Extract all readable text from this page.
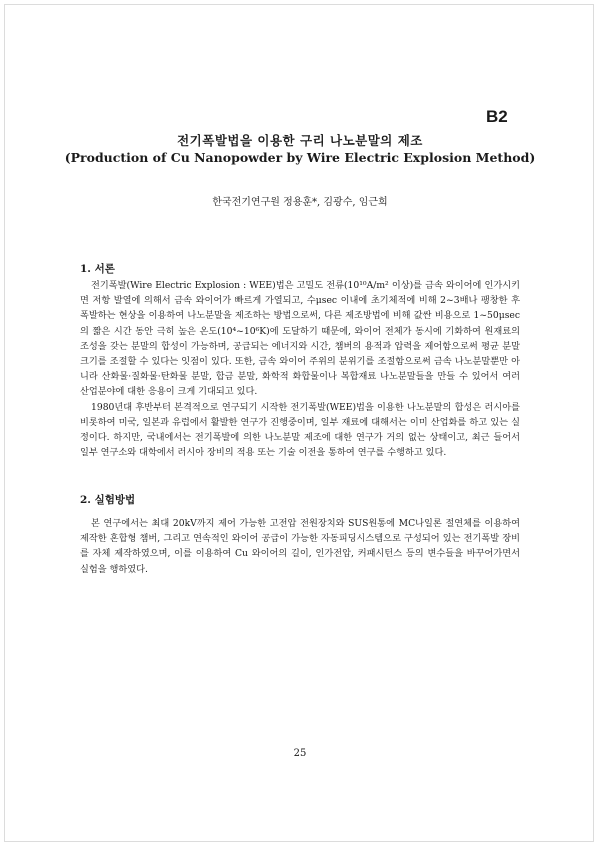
B2
전기폭발법을 이용한 구리 나노분말의 제조
(Production of Cu Nanopowder by Wire Electric Explosion Method)
한국전기연구원 정용훈*, 김광수, 임근희
1. 서론

전기폭발(Wire Electric Explosion : WEE)법은 고밀도 전류(10¹⁰A/m² 이상)를 금속 와이어에 인가시키면 저항 발열에 의해서 금속 와이어가 빠르게 가열되고, 수μsec 이내에 초기체적에 비해 2~3배나 팽창한 후 폭발하는 현상을 이용하여 나노분말을 제조하는 방법으로써, 다른 제조방법에 비해 값싼 비용으로 1~50μsec의 짧은 시간 동안 극히 높은 온도(10⁴~10⁶K)에 도달하기 때문에, 와이어 전체가 동시에 기화하여 원재료의 조성을 갖는 분말의 합성이 가능하며, 공급되는 에너지와 시간, 챔버의 용적과 압력을 제어함으로써 평균 분말 크기를 조절할 수 있다는 잇점이 있다. 또한, 금속 와이어 주위의 분위기를 조절함으로써 금속 나노분말뿐만 아니라 산화물·질화물·탄화물 분말, 합금 분말, 화학적 화합물이나 복합재료 나노분말들을 만들 수 있어서 여러 산업분야에 대한 응용이 크게 기대되고 있다.

1980년대 후반부터 본격적으로 연구되기 시작한 전기폭발(WEE)법을 이용한 나노분말의 합성은 러시아를 비롯하여 미국, 일본과 유럽에서 활발한 연구가 진행중이며, 일부 재료에 대해서는 이미 산업화를 하고 있는 실정이다. 하지만, 국내에서는 전기폭발에 의한 나노분말 제조에 대한 연구가 거의 없는 상태이고, 최근 들어서 일부 연구소와 대학에서 러시아 장비의 적용 또는 기술 이전을 통하여 연구를 수행하고 있다.

2. 실험방법

본 연구에서는 최대 20kV까지 제어 가능한 고전압 전원장치와 SUS원통에 MC나일론 절연체를 이용하여 제작한 혼합형 챔버, 그리고 연속적인 와이어 공급이 가능한 자동피딩시스템으로 구성되어 있는 전기폭발 장비를 자체 제작하였으며, 이를 이용하여 Cu 와이어의 길이, 인가전압, 커패시턴스 등의 변수들을 바꾸어가면서 실험을 행하였다.

25
